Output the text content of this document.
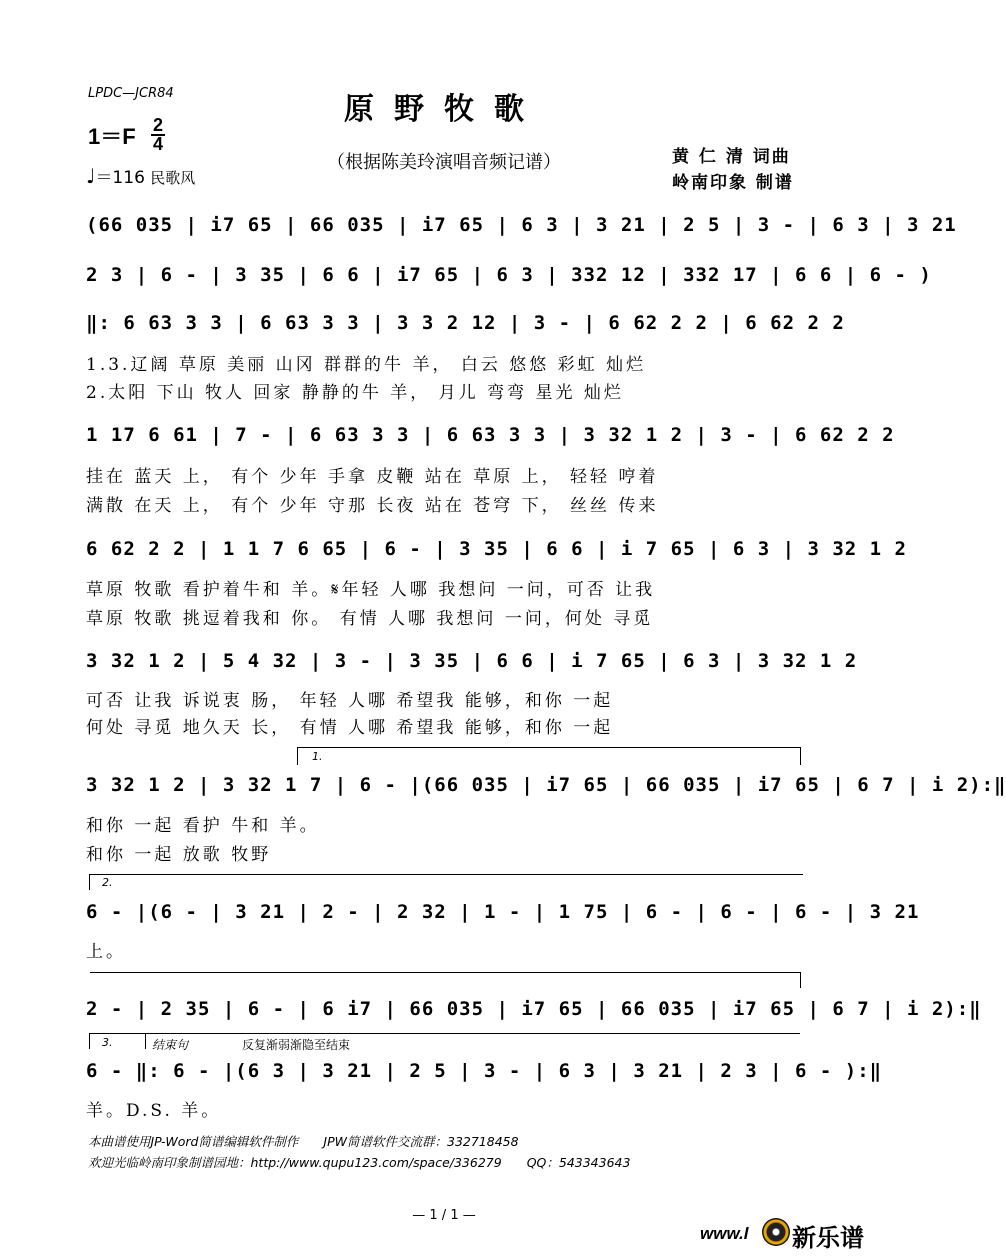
LPDC—JCR84	原野牧歌
1＝F 2
4
♩＝116 民歌风
（根据陈美玲演唱音频记谱）	黄 仁 清 词曲
岭南印象 制谱
(66 035 | i7 65 | 66 035 | i7 65 | 6 3 | 3 21 | 2 5 | 3 - | 6 3 | 3 21
2 3 | 6 - | 3 35 | 6 6 | i7 65 | 6 3 | 332 12 | 332 17 | 6 6 | 6 - )
‖: 6 63 3 3 | 6 63 3 3 | 3 3 2 12 | 3 - | 6 62 2 2 | 6 62 2 2
1.3.辽阔 草原 美丽 山冈 群群的牛 羊， 白云 悠悠 彩虹 灿烂
2.太阳 下山 牧人 回家 静静的牛 羊， 月儿 弯弯 星光 灿烂
1 17 6 61 | 7 - | 6 63 3 3 | 6 63 3 3 | 3 32 1 2 | 3 - | 6 62 2 2
挂在 蓝天 上， 有个 少年 手拿 皮鞭 站在 草原 上， 轻轻 哼着
满散 在天 上， 有个 少年 守那 长夜 站在 苍穹 下， 丝丝 传来
6 62 2 2 | 1 1 7 6 65 | 6 - | 3 35 | 6 6 | i 7 65 | 6 3 | 3 32 1 2
草原 牧歌 看护着牛和 羊。𝄋年轻 人哪 我想问 一问，可否 让我
草原 牧歌 挑逗着我和 你。 有情 人哪 我想问 一问，何处 寻觅
3 32 1 2 | 5 4 32 | 3 - | 3 35 | 6 6 | i 7 65 | 6 3 | 3 32 1 2
可否 让我 诉说衷 肠， 年轻 人哪 希望我 能够，和你 一起
何处 寻觅 地久天 长， 有情 人哪 希望我 能够，和你 一起
1.
3 32 1 2 | 3 32 1 7 | 6 - |(66 035 | i7 65 | 66 035 | i7 65 | 6 7 | i 2):‖
和你 一起 看护 牛和 羊。
和你 一起 放歌 牧野
2.
6 - |(6 - | 3 21 | 2 - | 2 32 | 1 - | 1 75 | 6 - | 6 - | 6 - | 3 21
上。
2 - | 2 35 | 6 - | 6 i7 | 66 035 | i7 65 | 66 035 | i7 65 | 6 7 | i 2):‖
3.	结束句	反复渐弱渐隐至结束
6 - ‖: 6 - |(6 3 | 3 21 | 2 5 | 3 - | 6 3 | 3 21 | 2 3 | 6 - ):‖
羊。D.S. 羊。
本曲谱使用JP-Word简谱编辑软件制作　　JPW简谱软件交流群：332718458
欢迎光临岭南印象制谱园地：http://www.qupu123.com/space/336279　　QQ：543343643
— 1 / 1 —
www.l 新乐谱
